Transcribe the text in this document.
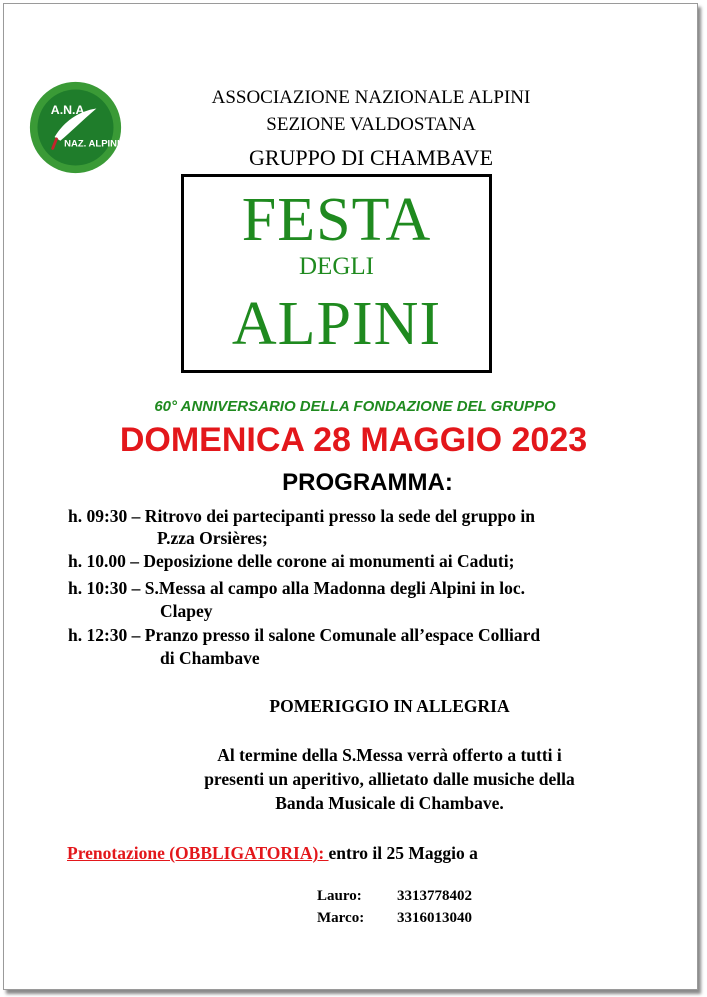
A.N.A.
NAZ. ALPINI
ASSOCIAZIONE NAZIONALE ALPINI
SEZIONE VALDOSTANA
GRUPPO DI CHAMBAVE
FESTA
DEGLI
ALPINI
60° ANNIVERSARIO DELLA FONDAZIONE DEL GRUPPO
DOMENICA 28 MAGGIO 2023
PROGRAMMA:
h. 09:30 – Ritrovo dei partecipanti presso la sede del gruppo in
P.zza Orsières;
h. 10.00 – Deposizione delle corone ai monumenti ai Caduti;
h. 10:30 – S.Messa al campo alla Madonna degli Alpini in loc.
Clapey
h. 12:30 – Pranzo presso il salone Comunale all’espace Colliard
di Chambave
POMERIGGIO IN ALLEGRIA
Al termine della S.Messa verrà offerto a tutti i
presenti un aperitivo, allietato dalle musiche della
Banda Musicale di Chambave.
Prenotazione (OBBLIGATORIA): entro il 25 Maggio a
Lauro: 3313778402
Marco: 3316013040
